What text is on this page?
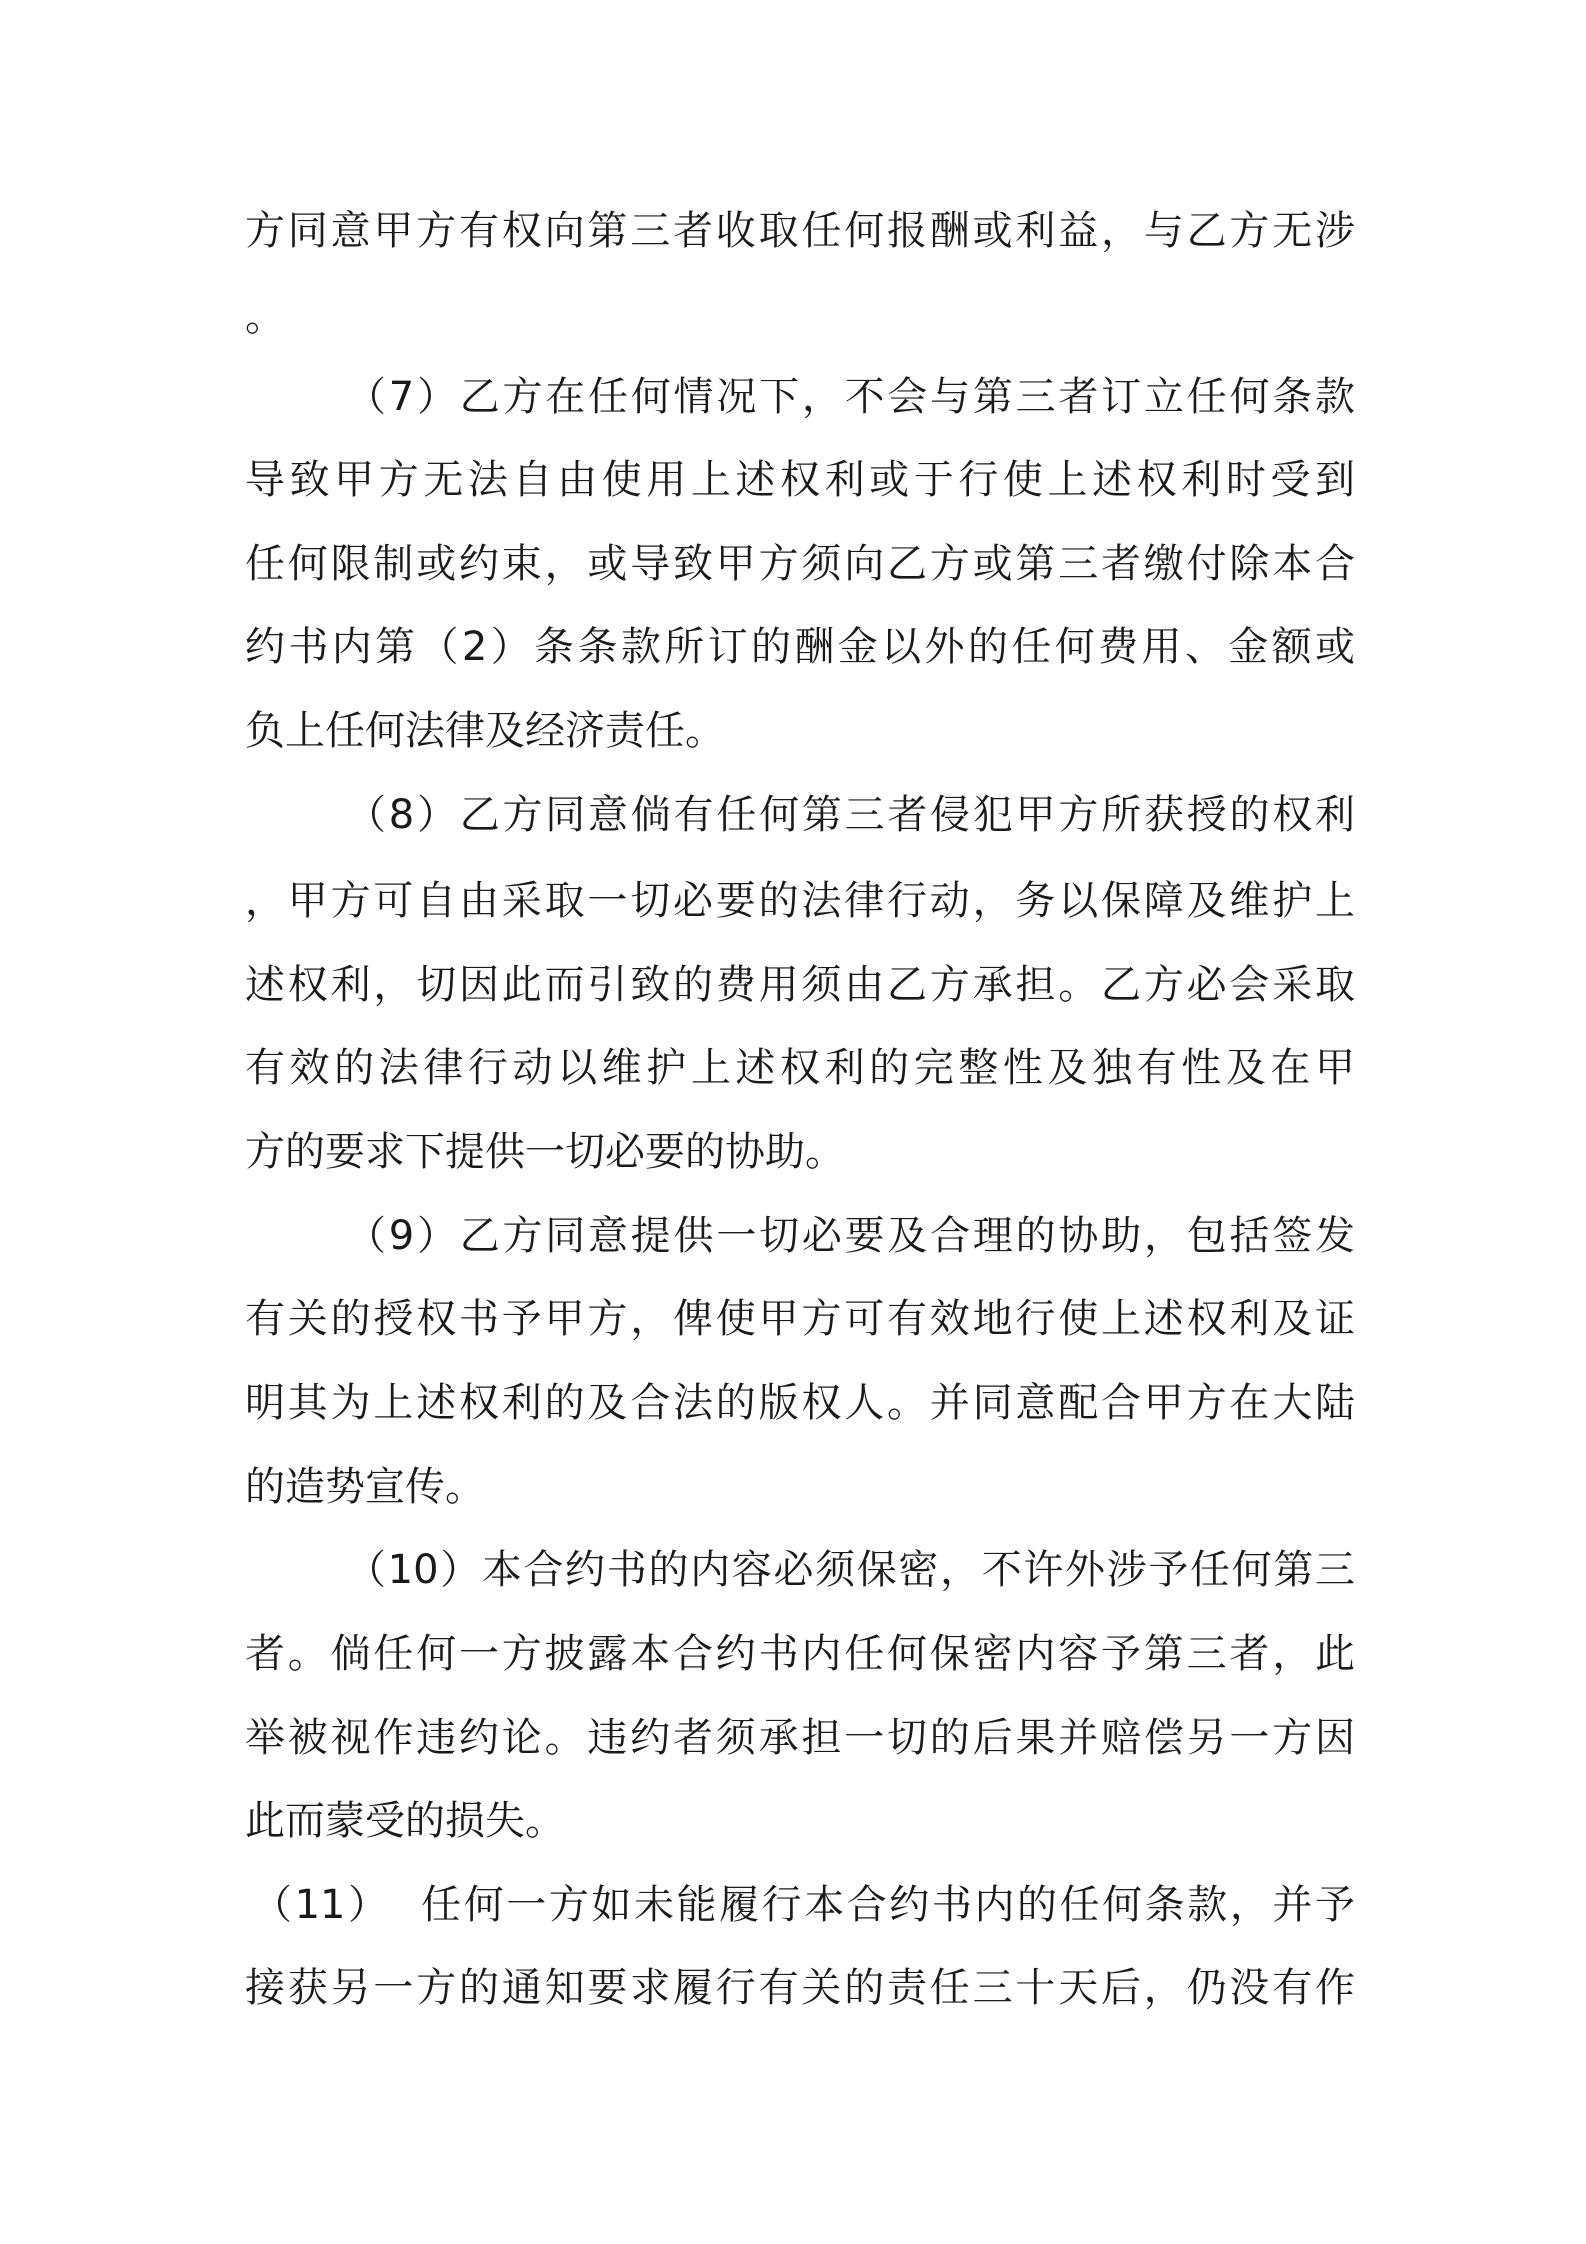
方同意甲方有权向第三者收取任何报酬或利益，与乙方无涉
。
（7）乙方在任何情况下，不会与第三者订立任何条款
导致甲方无法自由使用上述权利或于行使上述权利时受到
任何限制或约束，或导致甲方须向乙方或第三者缴付除本合
约书内第（2）条条款所订的酬金以外的任何费用、金额或
负上任何法律及经济责任。
（8）乙方同意倘有任何第三者侵犯甲方所获授的权利
，甲方可自由采取一切必要的法律行动，务以保障及维护上
述权利，切因此而引致的费用须由乙方承担。乙方必会采取
有效的法律行动以维护上述权利的完整性及独有性及在甲
方的要求下提供一切必要的协助。
（9）乙方同意提供一切必要及合理的协助，包括签发
有关的授权书予甲方，俾使甲方可有效地行使上述权利及证
明其为上述权利的及合法的版权人。并同意配合甲方在大陆
的造势宣传。
（10）本合约书的内容必须保密，不许外涉予任何第三
者。倘任何一方披露本合约书内任何保密内容予第三者，此
举被视作违约论。违约者须承担一切的后果并赔偿另一方因
此而蒙受的损失。
（11）  任何一方如未能履行本合约书内的任何条款，并予
接获另一方的通知要求履行有关的责任三十天后，仍没有作
